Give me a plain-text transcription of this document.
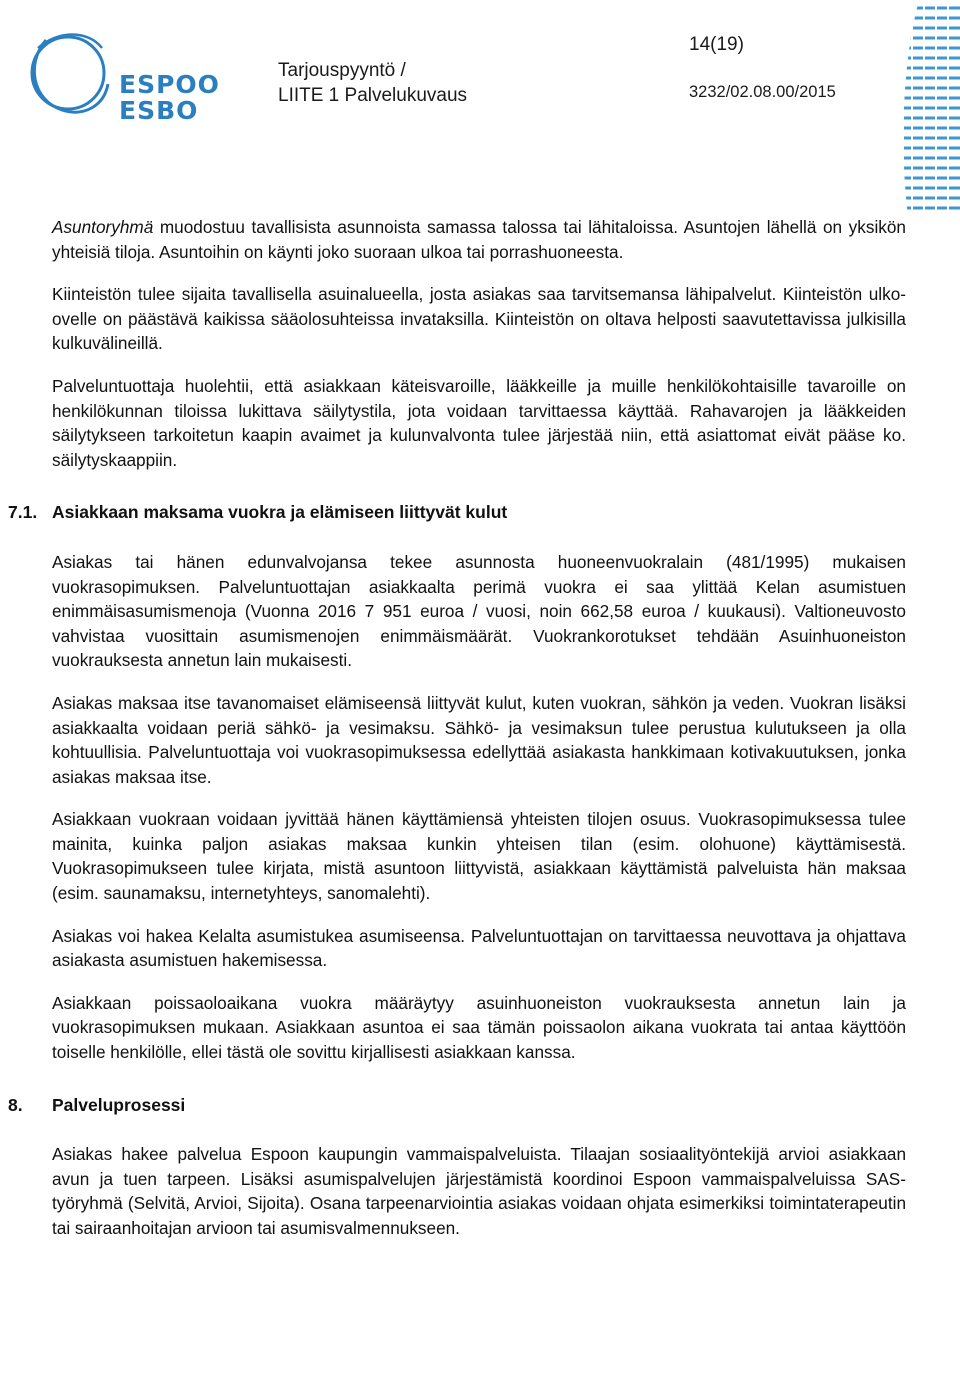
ESPOO
ESBO
Tarjouspyyntö /
LIITE 1 Palvelukuvaus
14(19)
3232/02.08.00/2015

Asuntoryhmä muodostuu tavallisista asunnoista samassa talossa tai lähitaloissa. Asuntojen lähellä on yksikön yhteisiä tiloja. Asuntoihin on käynti joko suoraan ulkoa tai porrashuoneesta.

Kiinteistön tulee sijaita tavallisella asuinalueella, josta asiakas saa tarvitsemansa lähipalvelut. Kiinteistön ulko-ovelle on päästävä kaikissa sääolosuhteissa invataksilla. Kiinteistön on oltava helposti saavutettavissa julkisilla kulkuvälineillä.

Palveluntuottaja huolehtii, että asiakkaan käteisvaroille, lääkkeille ja muille henkilökohtaisille tavaroille on henkilökunnan tiloissa lukittava säilytystila, jota voidaan tarvittaessa käyttää. Rahavarojen ja lääkkeiden säilytykseen tarkoitetun kaapin avaimet ja kulunvalvonta tulee järjestää niin, että asiattomat eivät pääse ko. säilytyskaappiin.

7.1. Asiakkaan maksama vuokra ja elämiseen liittyvät kulut

Asiakas tai hänen edunvalvojansa tekee asunnosta huoneenvuokralain (481/1995) mukaisen vuokrasopimuksen. Palveluntuottajan asiakkaalta perimä vuokra ei saa ylittää Kelan asumistuen enimmäisasumismenoja (Vuonna 2016 7 951 euroa / vuosi, noin 662,58 euroa / kuukausi). Valtioneuvosto vahvistaa vuosittain asumismenojen enimmäismäärät. Vuokrankorotukset tehdään Asuinhuoneiston vuokrauksesta annetun lain mukaisesti.

Asiakas maksaa itse tavanomaiset elämiseensä liittyvät kulut, kuten vuokran, sähkön ja veden. Vuokran lisäksi asiakkaalta voidaan periä sähkö- ja vesimaksu. Sähkö- ja vesimaksun tulee perustua kulutukseen ja olla kohtuullisia. Palveluntuottaja voi vuokrasopimuksessa edellyttää asiakasta hankkimaan kotivakuutuksen, jonka asiakas maksaa itse.

Asiakkaan vuokraan voidaan jyvittää hänen käyttämiensä yhteisten tilojen osuus. Vuokrasopimuksessa tulee mainita, kuinka paljon asiakas maksaa kunkin yhteisen tilan (esim. olohuone) käyttämisestä. Vuokrasopimukseen tulee kirjata, mistä asuntoon liittyvistä, asiakkaan käyttämistä palveluista hän maksaa (esim. saunamaksu, internetyhteys, sanomalehti).

Asiakas voi hakea Kelalta asumistukea asumiseensa. Palveluntuottajan on tarvittaessa neuvottava ja ohjattava asiakasta asumistuen hakemisessa.

Asiakkaan poissaoloaikana vuokra määräytyy asuinhuoneiston vuokrauksesta annetun lain ja vuokrasopimuksen mukaan. Asiakkaan asuntoa ei saa tämän poissaolon aikana vuokrata tai antaa käyttöön toiselle henkilölle, ellei tästä ole sovittu kirjallisesti asiakkaan kanssa.

8. Palveluprosessi

Asiakas hakee palvelua Espoon kaupungin vammaispalveluista. Tilaajan sosiaalityöntekijä arvioi asiakkaan avun ja tuen tarpeen. Lisäksi asumispalvelujen järjestämistä koordinoi Espoon vammaispalveluissa SAS-työryhmä (Selvitä, Arvioi, Sijoita). Osana tarpeenarviointia asiakas voidaan ohjata esimerkiksi toimintaterapeutin tai sairaanhoitajan arvioon tai asumisvalmennukseen.
